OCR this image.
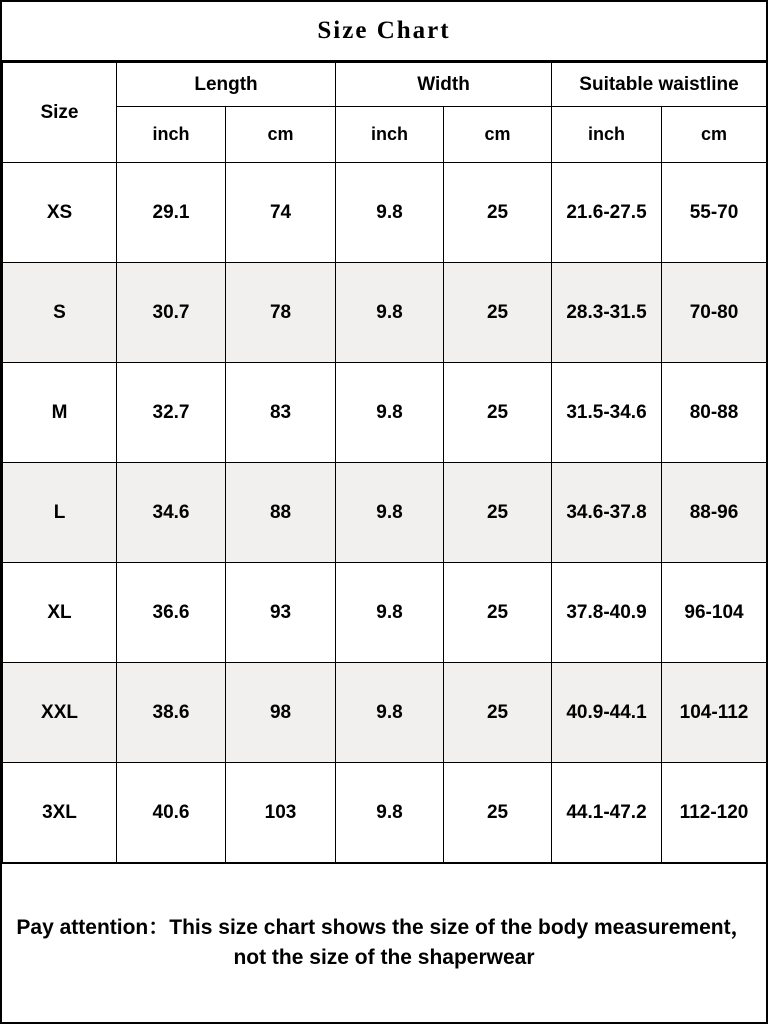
Size Chart
Size	Length		Width		Suitable waistline	
	inch	cm	inch	cm	inch	cm
XS	29.1	74	9.8	25	21.6-27.5	55-70
S	30.7	78	9.8	25	28.3-31.5	70-80
M	32.7	83	9.8	25	31.5-34.6	80-88
L	34.6	88	9.8	25	34.6-37.8	88-96
XL	36.6	93	9.8	25	37.8-40.9	96-104
XXL	38.6	98	9.8	25	40.9-44.1	104-112
3XL	40.6	103	9.8	25	44.1-47.2	112-120
Pay attention：This size chart shows the size of the body measurement，not the size of the shaperwear
